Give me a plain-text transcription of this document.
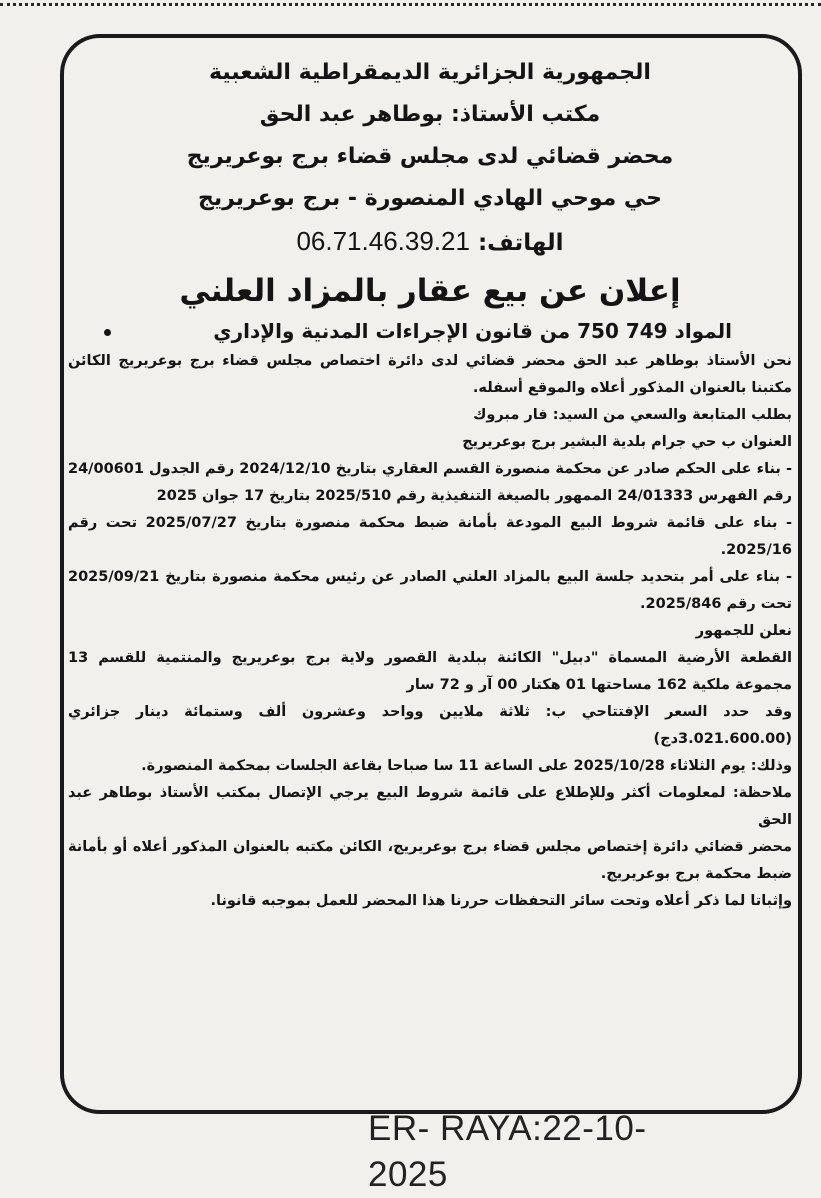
الجمهورية الجزائرية الديمقراطية الشعبية
مكتب الأستاذ: بوطاهر عبد الحق
محضر قضائي لدى مجلس قضاء برج بوعريريج
حي موحي الهادي المنصورة - برج بوعريريج
الهاتف: 06.71.46.39.21
إعلان عن بيع عقار بالمزاد العلني
المواد 749 750 من قانون الإجراءات المدنية والإداري
نحن الأستاذ بوطاهر عبد الحق محضر قضائي لدى دائرة اختصاص مجلس قضاء برج بوعريريج الكائن مكتبنا بالعنوان المذكور أعلاه والموقع أسفله.
بطلب المتابعة والسعي من السيد: فار مبروك
العنوان ب حي جرام بلدية البشير برج بوعريريج
- بناء على الحكم صادر عن محكمة منصورة القسم العقاري بتاريخ 2024/12/10 رقم الجدول 24/00601 رقم الفهرس 24/01333 الممهور بالصيغة التنفيذية رقم 2025/510 بتاريخ 17 جوان 2025
- بناء على قائمة شروط البيع المودعة بأمانة ضبط محكمة منصورة بتاريخ 2025/07/27 تحت رقم 2025/16.
- بناء على أمر بتحديد جلسة البيع بالمزاد العلني الصادر عن رئيس محكمة منصورة بتاريخ 2025/09/21 تحت رقم 2025/846.
نعلن للجمهور
القطعة الأرضية المسماة "دبيل" الكائنة ببلدية القصور ولاية برج بوعريريج والمنتمية للقسم 13 مجموعة ملكية 162 مساحتها 01 هكتار 00 آر و 72 سار
وقد حدد السعر الإفتتاحي ب: ثلاثة ملايين وواحد وعشرون ألف وستمائة دينار جزائري (3.021.600.00دج)
وذلك: يوم الثلاثاء 2025/10/28 على الساعة 11 سا صباحا بقاعة الجلسات بمحكمة المنصورة.
ملاحظة: لمعلومات أكثر وللإطلاع على قائمة شروط البيع يرجي الإتصال بمكتب الأستاذ بوطاهر عبد الحق
محضر قضائي دائرة إختصاص مجلس قضاء برج بوعريريج، الكائن مكتبه بالعنوان المذكور أعلاه أو بأمانة ضبط محكمة برج بوعريريج.
وإثباتا لما ذكر أعلاه وتحت سائر التحفظات حررنا هذا المحضر للعمل بموجبه قانونا.
ER- RAYA:22-10-2025
